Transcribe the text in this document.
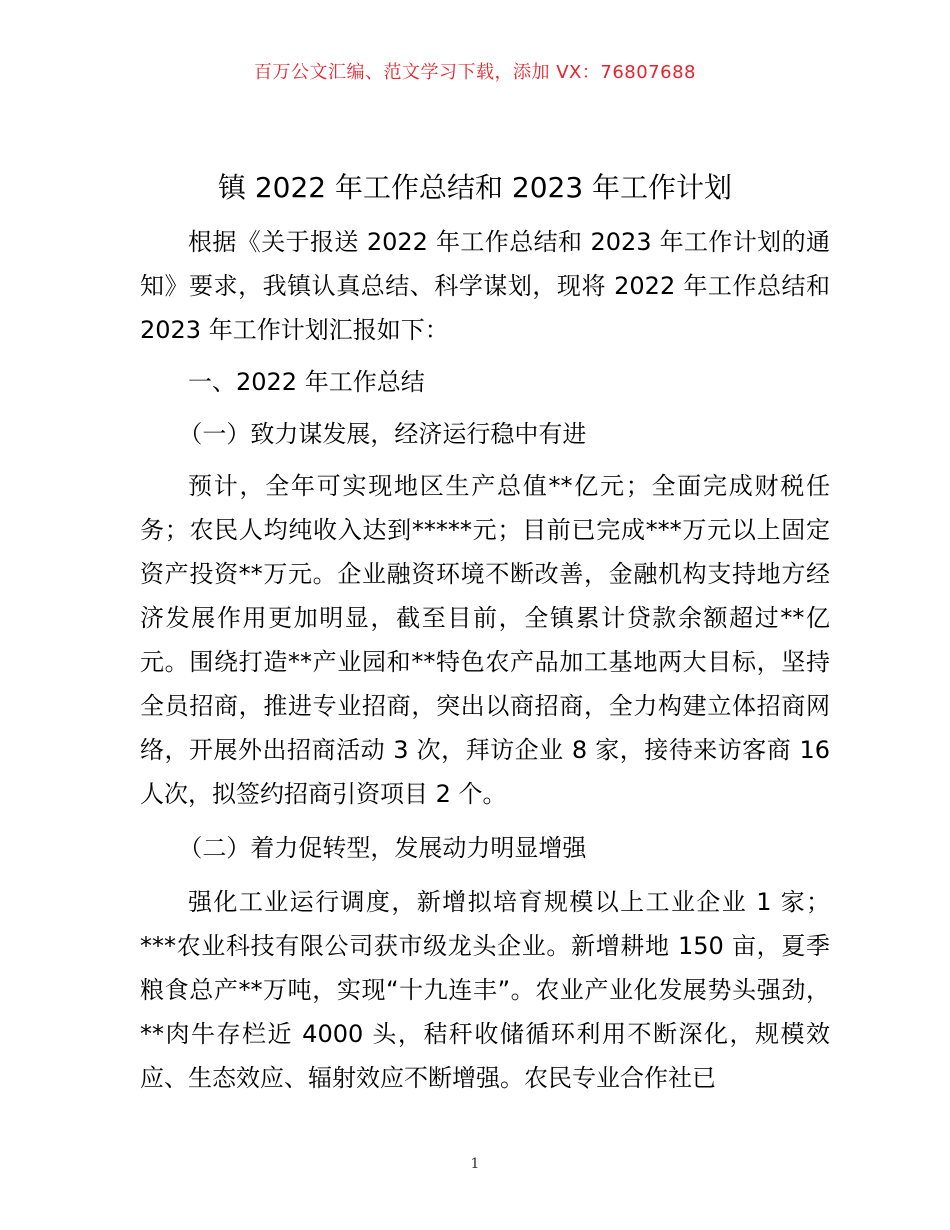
百万公文汇编、范文学习下载，添加 VX：76807688
镇 2022 年工作总结和 2023 年工作计划

根据《关于报送 2022 年工作总结和 2023 年工作计划的通知》要求，我镇认真总结、科学谋划，现将 2022 年工作总结和 2023 年工作计划汇报如下：

一、2022 年工作总结

（一）致力谋发展，经济运行稳中有进

预计，全年可实现地区生产总值**亿元；全面完成财税任务；农民人均纯收入达到*****元；目前已完成***万元以上固定资产投资**万元。企业融资环境不断改善，金融机构支持地方经济发展作用更加明显，截至目前，全镇累计贷款余额超过**亿元。围绕打造**产业园和**特色农产品加工基地两大目标，坚持全员招商，推进专业招商，突出以商招商，全力构建立体招商网络，开展外出招商活动 3 次，拜访企业 8 家，接待来访客商 16 人次，拟签约招商引资项目 2 个。

（二）着力促转型，发展动力明显增强

强化工业运行调度，新增拟培育规模以上工业企业 1 家；***农业科技有限公司获市级龙头企业。新增耕地 150 亩，夏季粮食总产**万吨，实现“十九连丰”。农业产业化发展势头强劲，**肉牛存栏近 4000 头，秸秆收储循环利用不断深化，规模效应、生态效应、辐射效应不断增强。农民专业合作社已

1
